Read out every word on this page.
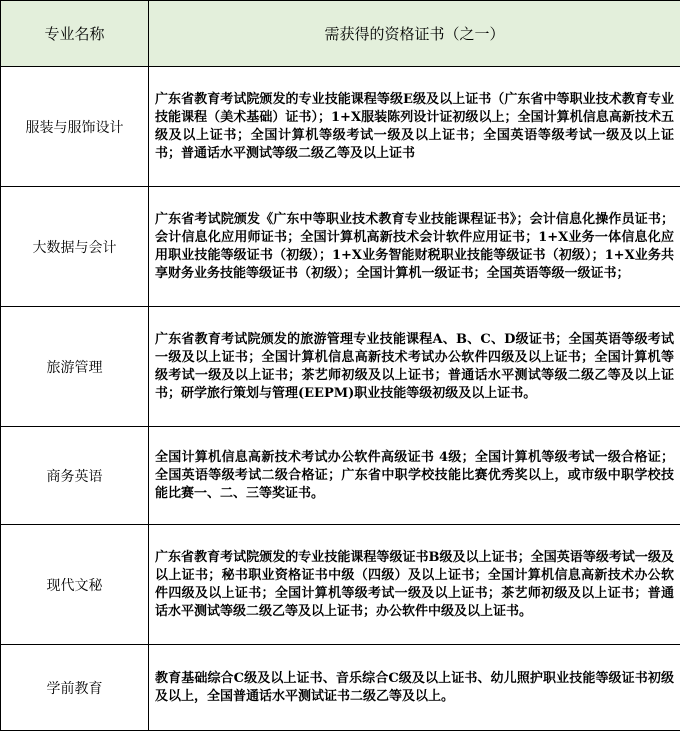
专业名称	需获得的资格证书（之一）
服装与服饰设计	广东省教育考试院颁发的专业技能课程等级E级及以上证书（广东省中等职业技术教育专业技能课程（美术基础）证书）；1+X服装陈列设计证初级以上；全国计算机信息高新技术五级及以上证书；全国计算机等级考试一级及以上证书；全国英语等级考试一级及以上证书；普通话水平测试等级二级乙等及以上证书
大数据与会计	广东省考试院颁发《广东中等职业技术教育专业技能课程证书》；会计信息化操作员证书；会计信息化应用师证书；全国计算机高新技术会计软件应用证书；1+X业务一体信息化应用职业技能等级证书（初级）；1+X业务智能财税职业技能等级证书（初级）；1+X业务共享财务业务技能等级证书（初级）；全国计算机一级证书；全国英语等级一级证书；
旅游管理	广东省教育考试院颁发的旅游管理专业技能课程A、B、C、D级证书；全国英语等级考试一级及以上证书；全国计算机信息高新技术考试办公软件四级及以上证书；全国计算机等级考试一级及以上证书；茶艺师初级及以上证书；普通话水平测试等级二级乙等及以上证书；研学旅行策划与管理(EEPM)职业技能等级初级及以上证书。
商务英语	全国计算机信息高新技术考试办公软件高级证书 4级；全国计算机等级考试一级合格证；全国英语等级考试二级合格证；广东省中职学校技能比赛优秀奖以上，或市级中职学校技能比赛一、二、三等奖证书。
现代文秘	广东省教育考试院颁发的专业技能课程等级证书B级及以上证书；全国英语等级考试一级及以上证书；秘书职业资格证书中级（四级）及以上证书；全国计算机信息高新技术办公软件四级及以上证书；全国计算机等级考试一级及以上证书；茶艺师初级及以上证书；普通话水平测试等级二级乙等及以上证书；办公软件中级及以上证书。
学前教育	教育基础综合C级及以上证书、音乐综合C级及以上证书、幼儿照护职业技能等级证书初级及以上，全国普通话水平测试证书二级乙等及以上。
